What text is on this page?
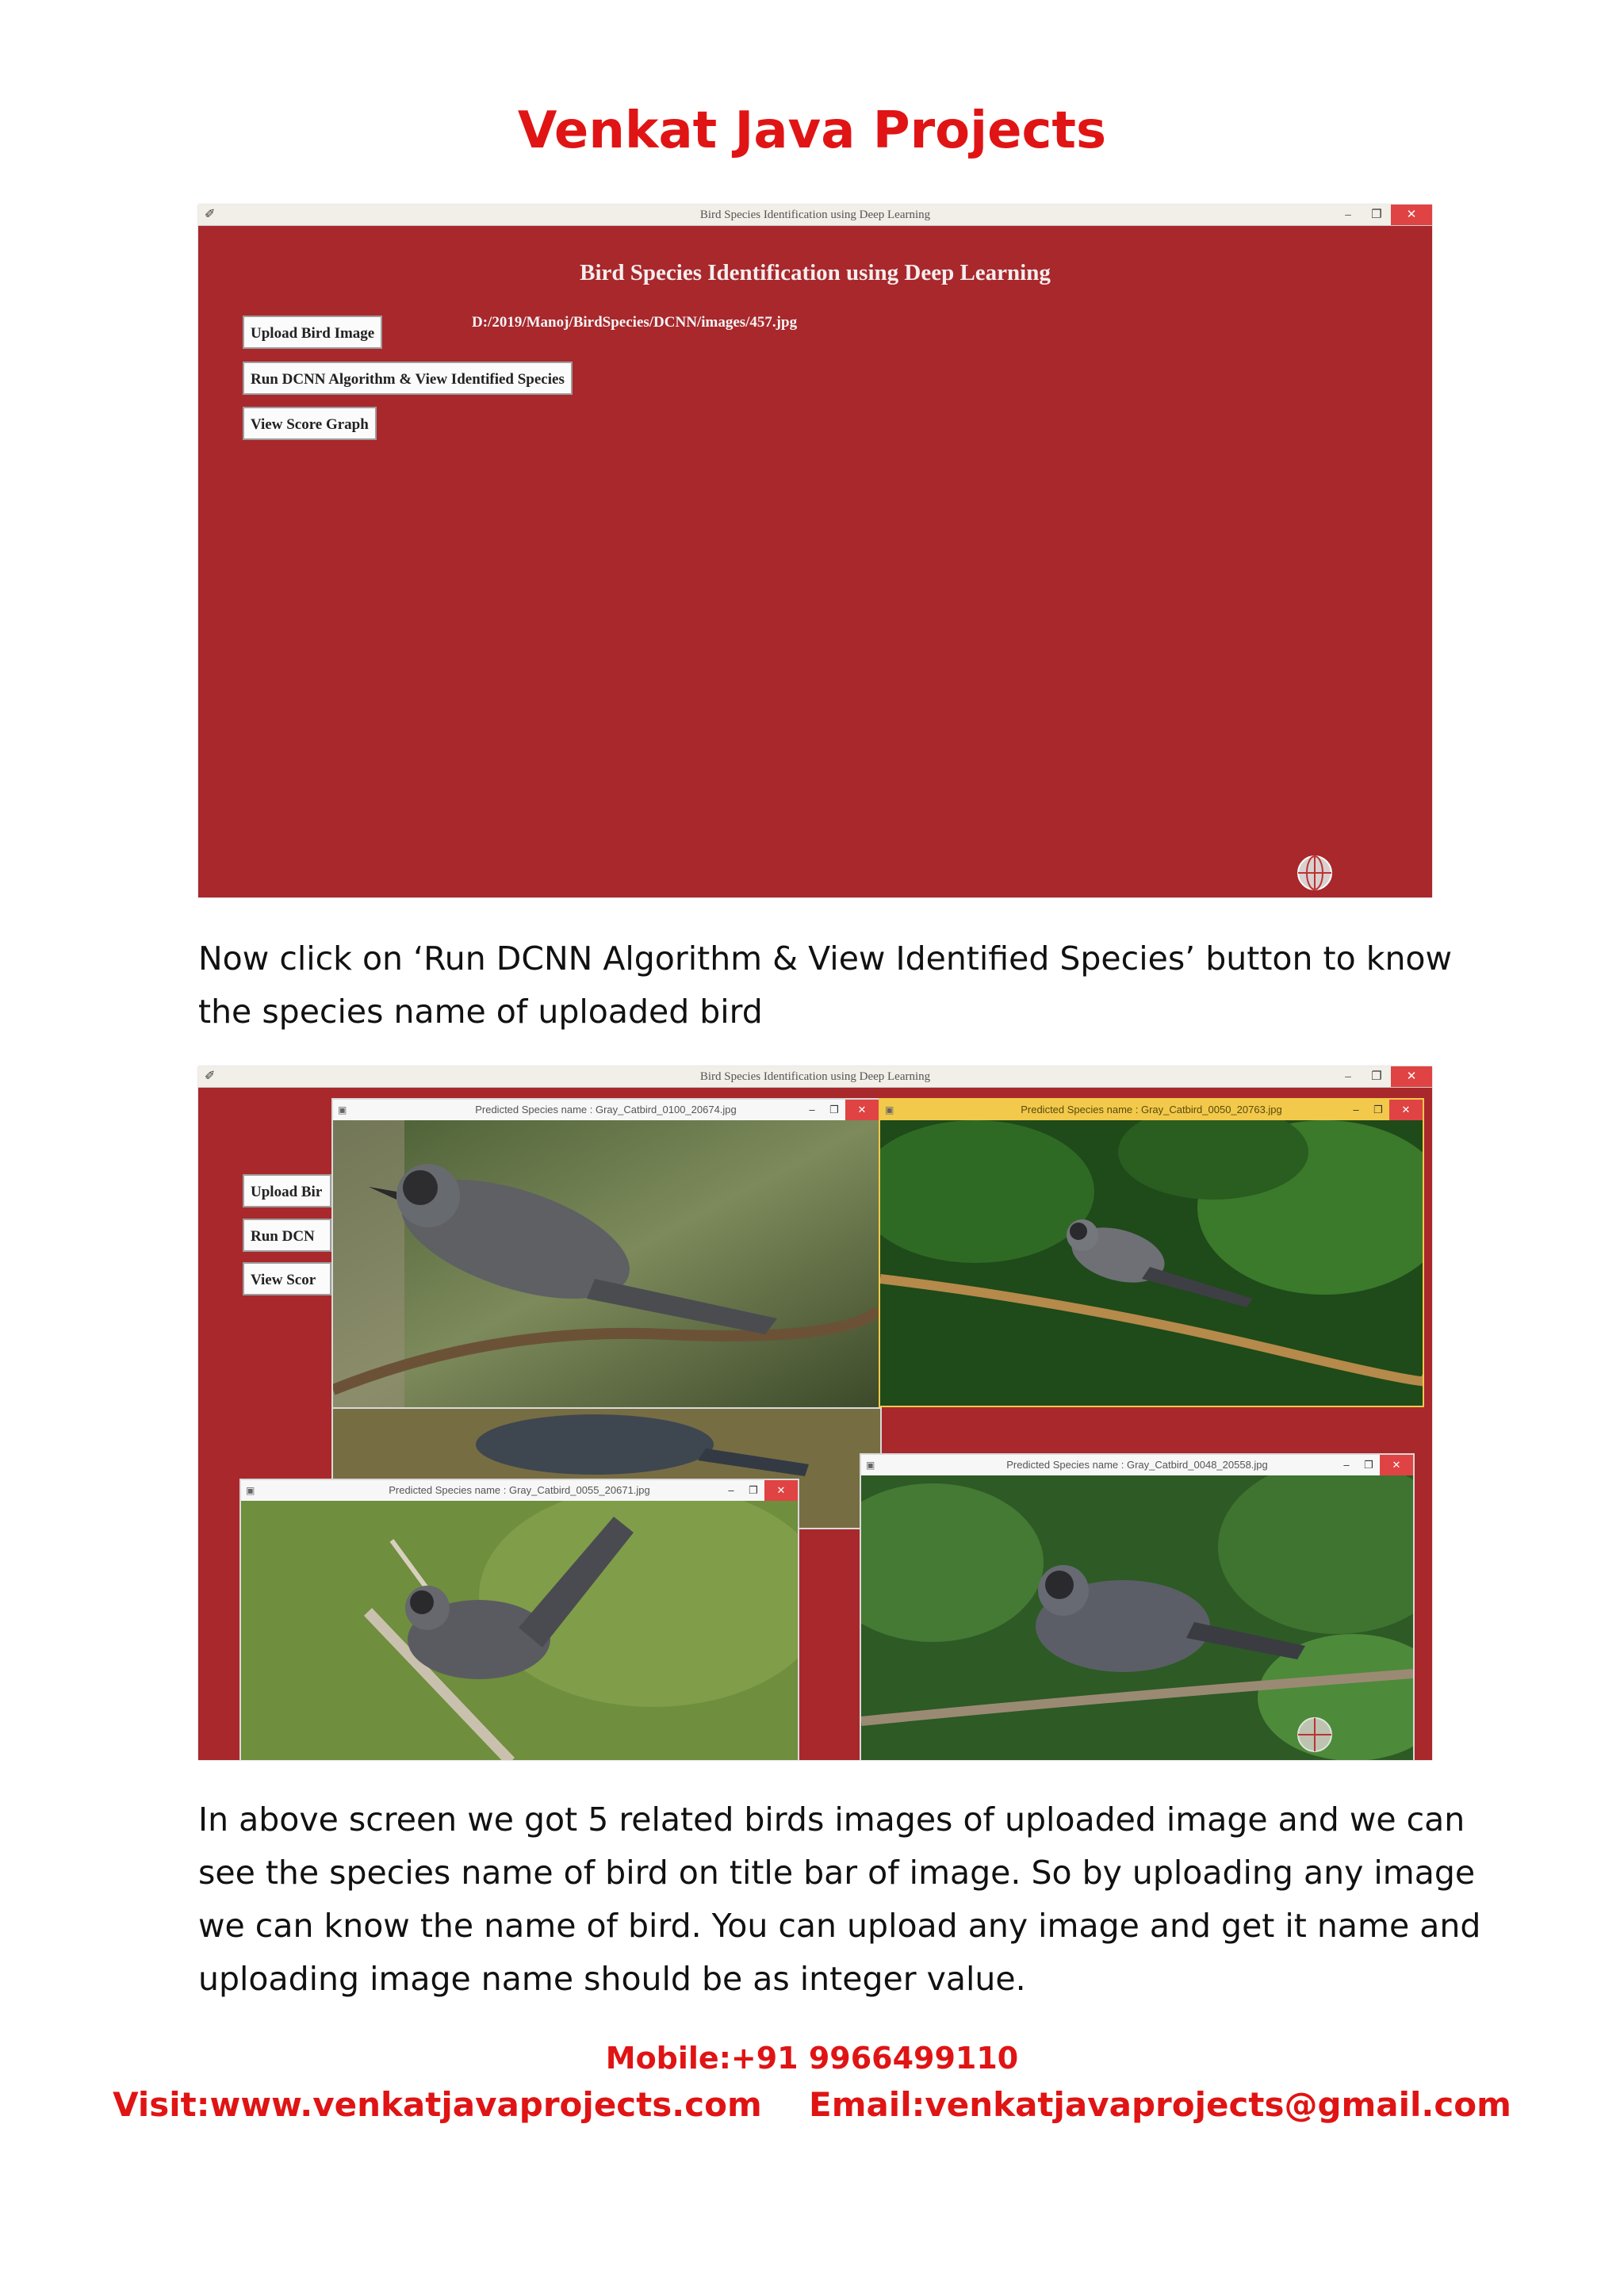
Venkat Java Projects
✐	Bird Species Identification using Deep Learning	–	❐	✕
Bird Species Identification using Deep Learning
Upload Bird Image
D:/2019/Manoj/BirdSpecies/DCNN/images/457.jpg
Run DCNN Algorithm & View Identified Species
View Score Graph
Now click on ‘Run DCNN Algorithm & View Identified Species’ button to know
the species name of uploaded bird
✐	Bird Species Identification using Deep Learning	–	❐	✕
Upload Bir
Run DCN
View Scor
▣	Predicted Species name : Gray_Catbird_0100_20674.jpg	–	❐	✕	▣	Predicted Species name : Gray_Catbird_0050_20763.jpg	–	❐	✕
▣	Predicted Species name : Gray_Catbird_0055_20671.jpg	–	❐	✕
▣	Predicted Species name : Gray_Catbird_0048_20558.jpg	–	❐	✕
In above screen we got 5 related birds images of uploaded image and we can
see the species name of bird on title bar of image. So by uploading any image
we can know the name of bird. You can upload any image and get it name and
uploading image name should be as integer value.
Mobile:+91 9966499110
Visit:www.venkatjavaprojects.com Email:venkatjavaprojects@gmail.com
